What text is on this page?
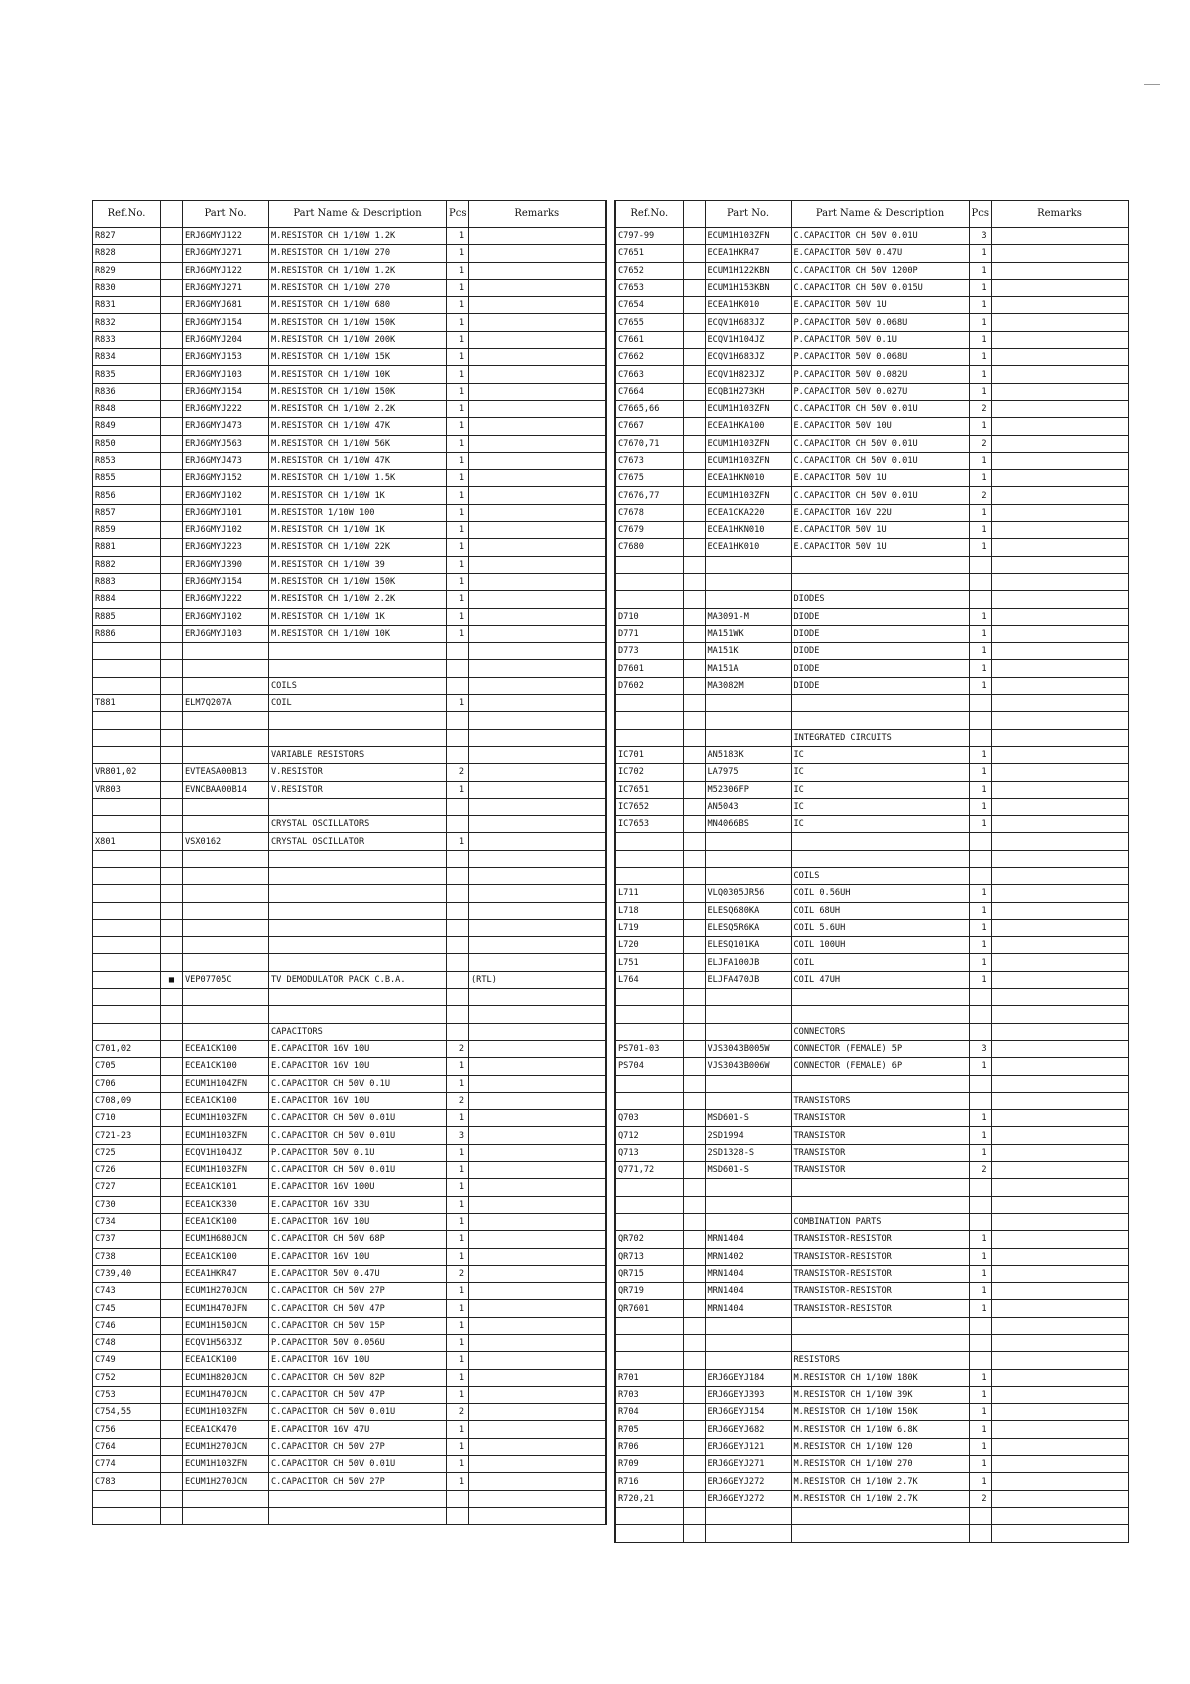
Ref.No.		Part No.	Part Name & Description	Pcs	Remarks
R827		ERJ6GMYJ122	M.RESISTOR CH 1/10W 1.2K	1	
R828		ERJ6GMYJ271	M.RESISTOR CH 1/10W 270	1	
R829		ERJ6GMYJ122	M.RESISTOR CH 1/10W 1.2K	1	
R830		ERJ6GMYJ271	M.RESISTOR CH 1/10W 270	1	
R831		ERJ6GMYJ681	M.RESISTOR CH 1/10W 680	1	
R832		ERJ6GMYJ154	M.RESISTOR CH 1/10W 150K	1	
R833		ERJ6GMYJ204	M.RESISTOR CH 1/10W 200K	1	
R834		ERJ6GMYJ153	M.RESISTOR CH 1/10W 15K	1	
R835		ERJ6GMYJ103	M.RESISTOR CH 1/10W 10K	1	
R836		ERJ6GMYJ154	M.RESISTOR CH 1/10W 150K	1	
R848		ERJ6GMYJ222	M.RESISTOR CH 1/10W 2.2K	1	
R849		ERJ6GMYJ473	M.RESISTOR CH 1/10W 47K	1	
R850		ERJ6GMYJ563	M.RESISTOR CH 1/10W 56K	1	
R853		ERJ6GMYJ473	M.RESISTOR CH 1/10W 47K	1	
R855		ERJ6GMYJ152	M.RESISTOR CH 1/10W 1.5K	1	
R856		ERJ6GMYJ102	M.RESISTOR CH 1/10W 1K	1	
R857		ERJ6GMYJ101	M.RESISTOR 1/10W 100	1	
R859		ERJ6GMYJ102	M.RESISTOR CH 1/10W 1K	1	
R881		ERJ6GMYJ223	M.RESISTOR CH 1/10W 22K	1	
R882		ERJ6GMYJ390	M.RESISTOR CH 1/10W 39	1	
R883		ERJ6GMYJ154	M.RESISTOR CH 1/10W 150K	1	
R884		ERJ6GMYJ222	M.RESISTOR CH 1/10W 2.2K	1	
R885		ERJ6GMYJ102	M.RESISTOR CH 1/10W 1K	1	
R886		ERJ6GMYJ103	M.RESISTOR CH 1/10W 10K	1	

			COILS		
T881		ELM7Q207A	COIL	1	

			VARIABLE RESISTORS		
VR801,02		EVTEASA00B13	V.RESISTOR	2	
VR803		EVNCBAA00B14	V.RESISTOR	1	

			CRYSTAL OSCILLATORS		
X801		VSX0162	CRYSTAL OSCILLATOR	1	

	■	VEP07705C	TV DEMODULATOR PACK C.B.A.		(RTL)

			CAPACITORS		
C701,02		ECEA1CK100	E.CAPACITOR 16V 10U	2	
C705		ECEA1CK100	E.CAPACITOR 16V 10U	1	
C706		ECUM1H104ZFN	C.CAPACITOR CH 50V 0.1U	1	
C708,09		ECEA1CK100	E.CAPACITOR 16V 10U	2	
C710		ECUM1H103ZFN	C.CAPACITOR CH 50V 0.01U	1	
C721-23		ECUM1H103ZFN	C.CAPACITOR CH 50V 0.01U	3	
C725		ECQV1H104JZ	P.CAPACITOR 50V 0.1U	1	
C726		ECUM1H103ZFN	C.CAPACITOR CH 50V 0.01U	1	
C727		ECEA1CK101	E.CAPACITOR 16V 100U	1	
C730		ECEA1CK330	E.CAPACITOR 16V 33U	1	
C734		ECEA1CK100	E.CAPACITOR 16V 10U	1	
C737		ECUM1H680JCN	C.CAPACITOR CH 50V 68P	1	
C738		ECEA1CK100	E.CAPACITOR 16V 10U	1	
C739,40		ECEA1HKR47	E.CAPACITOR 50V 0.47U	2	
C743		ECUM1H270JCN	C.CAPACITOR CH 50V 27P	1	
C745		ECUM1H470JFN	C.CAPACITOR CH 50V 47P	1	
C746		ECUM1H150JCN	C.CAPACITOR CH 50V 15P	1	
C748		ECQV1H563JZ	P.CAPACITOR 50V 0.056U	1	
C749		ECEA1CK100	E.CAPACITOR 16V 10U	1	
C752		ECUM1H820JCN	C.CAPACITOR CH 50V 82P	1	
C753		ECUM1H470JCN	C.CAPACITOR CH 50V 47P	1	
C754,55		ECUM1H103ZFN	C.CAPACITOR CH 50V 0.01U	2	
C756		ECEA1CK470	E.CAPACITOR 16V 47U	1	
C764		ECUM1H270JCN	C.CAPACITOR CH 50V 27P	1	
C774		ECUM1H103ZFN	C.CAPACITOR CH 50V 0.01U	1	
C783		ECUM1H270JCN	C.CAPACITOR CH 50V 27P	1	

Ref.No.		Part No.	Part Name & Description	Pcs	Remarks
C797-99		ECUM1H103ZFN	C.CAPACITOR CH 50V 0.01U	3	
C7651		ECEA1HKR47	E.CAPACITOR 50V 0.47U	1	
C7652		ECUM1H122KBN	C.CAPACITOR CH 50V 1200P	1	
C7653		ECUM1H153KBN	C.CAPACITOR CH 50V 0.015U	1	
C7654		ECEA1HK010	E.CAPACITOR 50V 1U	1	
C7655		ECQV1H683JZ	P.CAPACITOR 50V 0.068U	1	
C7661		ECQV1H104JZ	P.CAPACITOR 50V 0.1U	1	
C7662		ECQV1H683JZ	P.CAPACITOR 50V 0.068U	1	
C7663		ECQV1H823JZ	P.CAPACITOR 50V 0.082U	1	
C7664		ECQB1H273KH	P.CAPACITOR 50V 0.027U	1	
C7665,66		ECUM1H103ZFN	C.CAPACITOR CH 50V 0.01U	2	
C7667		ECEA1HKA100	E.CAPACITOR 50V 10U	1	
C7670,71		ECUM1H103ZFN	C.CAPACITOR CH 50V 0.01U	2	
C7673		ECUM1H103ZFN	C.CAPACITOR CH 50V 0.01U	1	
C7675		ECEA1HKN010	E.CAPACITOR 50V 1U	1	
C7676,77		ECUM1H103ZFN	C.CAPACITOR CH 50V 0.01U	2	
C7678		ECEA1CKA220	E.CAPACITOR 16V 22U	1	
C7679		ECEA1HKN010	E.CAPACITOR 50V 1U	1	
C7680		ECEA1HK010	E.CAPACITOR 50V 1U	1	

			DIODES		
D710		MA3091-M	DIODE	1	
D771		MA151WK	DIODE	1	
D773		MA151K	DIODE	1	
D7601		MA151A	DIODE	1	
D7602		MA3082M	DIODE	1	

			INTEGRATED CIRCUITS		
IC701		AN5183K	IC	1	
IC702		LA7975	IC	1	
IC7651		M52306FP	IC	1	
IC7652		AN5043	IC	1	
IC7653		MN4066BS	IC	1	

			COILS		
L711		VLQ0305JR56	COIL 0.56UH	1	
L718		ELESQ680KA	COIL 68UH	1	
L719		ELESQ5R6KA	COIL 5.6UH	1	
L720		ELESQ101KA	COIL 100UH	1	
L751		ELJFA100JB	COIL	1	
L764		ELJFA470JB	COIL 47UH	1	

			CONNECTORS		
PS701-03		VJS3043B005W	CONNECTOR (FEMALE) 5P	3	
PS704		VJS3043B006W	CONNECTOR (FEMALE) 6P	1	

			TRANSISTORS		
Q703		MSD601-S	TRANSISTOR	1	
Q712		2SD1994	TRANSISTOR	1	
Q713		2SD1328-S	TRANSISTOR	1	
Q771,72		MSD601-S	TRANSISTOR	2	

			COMBINATION PARTS		
QR702		MRN1404	TRANSISTOR-RESISTOR	1	
QR713		MRN1402	TRANSISTOR-RESISTOR	1	
QR715		MRN1404	TRANSISTOR-RESISTOR	1	
QR719		MRN1404	TRANSISTOR-RESISTOR	1	
QR7601		MRN1404	TRANSISTOR-RESISTOR	1	

			RESISTORS		
R701		ERJ6GEYJ184	M.RESISTOR CH 1/10W 180K	1	
R703		ERJ6GEYJ393	M.RESISTOR CH 1/10W 39K	1	
R704		ERJ6GEYJ154	M.RESISTOR CH 1/10W 150K	1	
R705		ERJ6GEYJ682	M.RESISTOR CH 1/10W 6.8K	1	
R706		ERJ6GEYJ121	M.RESISTOR CH 1/10W 120	1	
R709		ERJ6GEYJ271	M.RESISTOR CH 1/10W 270	1	
R716		ERJ6GEYJ272	M.RESISTOR CH 1/10W 2.7K	1	
R720,21		ERJ6GEYJ272	M.RESISTOR CH 1/10W 2.7K	2	
